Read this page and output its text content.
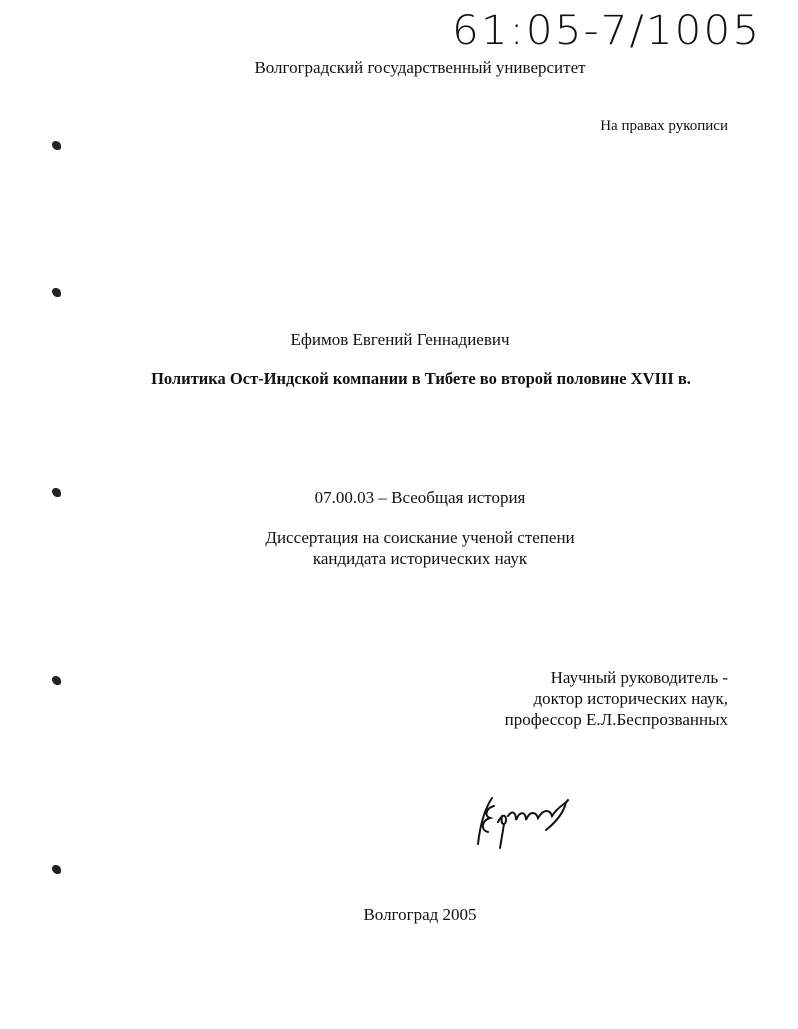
61:05-7/1005
Волгоградский государственный университет
На правах рукописи
Ефимов Евгений Геннадиевич
Политика Ост-Индской компании в Тибете во второй половине XVIII в.
07.00.03 – Всеобщая история
Диссертация на соискание ученой степени
кандидата исторических наук
Научный руководитель -
доктор исторических наук,
профессор Е.Л.Беспрозванных
Волгоград 2005
